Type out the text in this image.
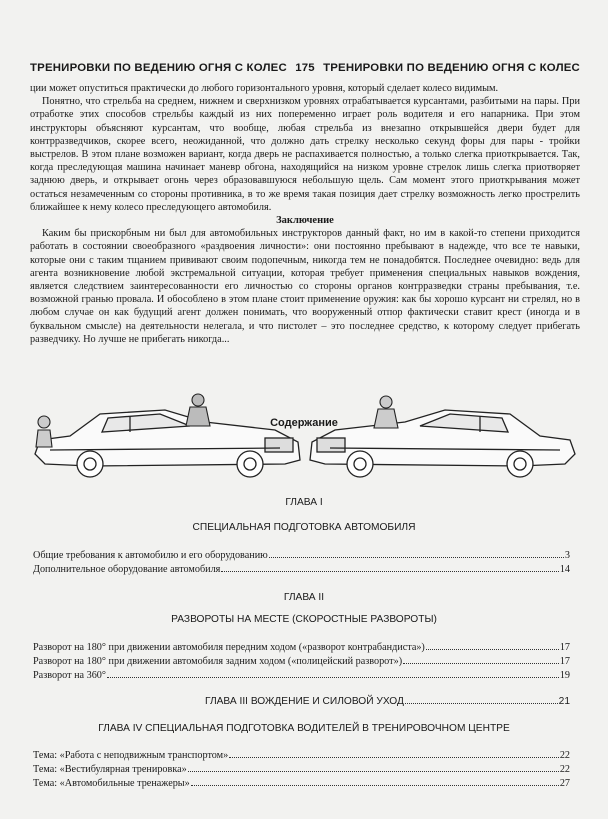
ТРЕНИРОВКИ ПО ВЕДЕНИЮ ОГНЯ С КОЛЕС 175 ТРЕНИРОВКИ ПО ВЕДЕНИЮ ОГНЯ С КОЛЕС

ции может опуститься практически до любого горизонтального уровня, который сделает колесо видимым.

Понятно, что стрельба на среднем, нижнем и сверхнизком уровнях отрабатывается курсантами, разбитыми на пары. При отработке этих способов стрельбы каждый из них попеременно играет роль водителя и его напарника. При этом инструкторы объясняют курсантам, что вообще, любая стрельба из внезапно открывшейся двери будет для контрразведчиков, скорее всего, неожиданной, что должно дать стрелку несколько секунд форы для пары - тройки выстрелов. В этом плане возможен вариант, когда дверь не распахивается полностью, а только слегка приоткрывается. Так, когда преследующая машина начинает маневр обгона, находящийся на низком уровне стрелок лишь слегка приотворяет заднюю дверь, и открывает огонь через образовавшуюся небольшую щель. Сам момент этого приоткрывания может остаться незамеченным со стороны противника, в то же время такая позиция дает стрелку возможность легко прострелить ближайшее к нему колесо преследующего автомобиля.

Заключение

Каким бы прискорбным ни был для автомобильных инструкторов данный факт, но им в какой-то степени приходится работать в состоянии своеобразного «раздвоения личности»: они постоянно пребывают в надежде, что все те навыки, которые они с таким тщанием прививают своим подопечным, никогда тем не понадобятся. Последнее очевидно: ведь для агента возникновение любой экстремальной ситуации, которая требует применения специальных навыков вождения, является следствием заинтересованности его личностью со стороны органов контрразведки страны пребывания, т.е. возможной гранью провала. И обособлено в этом плане стоит применение оружия: как бы хорошо курсант ни стрелял, но в любом случае он как будущий агент должен понимать, что вооруженный отпор фактически ставит крест (иногда и в буквальном смысле) на деятельности нелегала, и что пистолет – это последнее средство, к которому следует прибегать разведчику. Но лучше не прибегать никогда...

Содержание
ГЛАВА I
СПЕЦИАЛЬНАЯ ПОДГОТОВКА АВТОМОБИЛЯ
Общие требования к автомобилю и его оборудованию	3
Дополнительное оборудование автомобиля	14
ГЛАВА II
РАЗВОРОТЫ НА МЕСТЕ (СКОРОСТНЫЕ РАЗВОРОТЫ)
Разворот на 180° при движении автомобиля передним ходом («разворот контрабандиста»)	17
Разворот на 180° при движении автомобиля задним ходом («полицейский разворот»)	17
Разворот на 360°	19
ГЛАВА III ВОЖДЕНИЕ И СИЛОВОЙ УХОД	21
ГЛАВА IV СПЕЦИАЛЬНАЯ ПОДГОТОВКА ВОДИТЕЛЕЙ В ТРЕНИРОВОЧНОМ ЦЕНТРЕ
Тема: «Работа с неподвижным транспортом»	22
Тема: «Вестибулярная тренировка»	22
Тема: «Автомобильные тренажеры»	27
